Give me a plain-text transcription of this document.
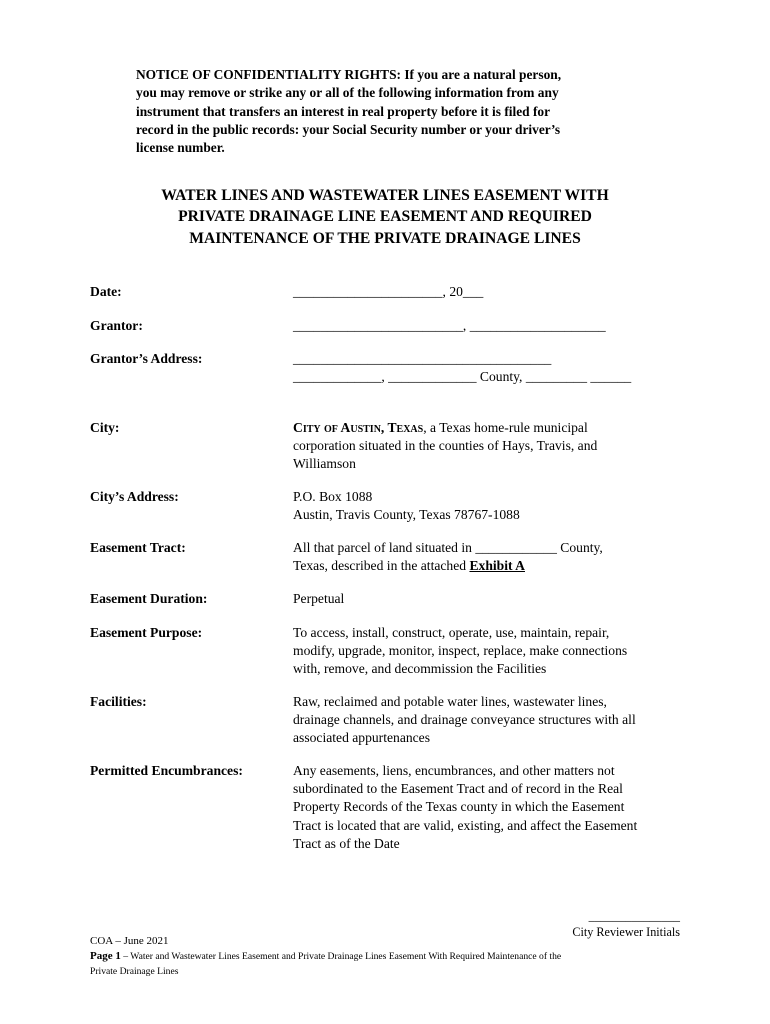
NOTICE OF CONFIDENTIALITY RIGHTS: If you are a natural person,
you may remove or strike any or all of the following information from any
instrument that transfers an interest in real property before it is filed for
record in the public records: your Social Security number or your driver’s
license number.
WATER LINES AND WASTEWATER LINES EASEMENT WITH
PRIVATE DRAINAGE LINE EASEMENT AND REQUIRED
MAINTENANCE OF THE PRIVATE DRAINAGE LINES
Date:	______________________, 20___
Grantor:	_________________________, ____________________
Grantor’s Address:	______________________________________
_____________, _____________ County, _________ ______
City:	City of Austin, Texas, a Texas home-rule municipal
corporation situated in the counties of Hays, Travis, and
Williamson
City’s Address:	P.O. Box 1088
Austin, Travis County, Texas 78767-1088
Easement Tract:	All that parcel of land situated in ____________ County,
Texas, described in the attached Exhibit A
Easement Duration:	Perpetual
Easement Purpose:	To access, install, construct, operate, use, maintain, repair,
modify, upgrade, monitor, inspect, replace, make connections
with, remove, and decommission the Facilities
Facilities:	Raw, reclaimed and potable water lines, wastewater lines,
drainage channels, and drainage conveyance structures with all
associated appurtenances
Permitted Encumbrances:	Any easements, liens, encumbrances, and other matters not
subordinated to the Easement Tract and of record in the Real
Property Records of the Texas county in which the Easement
Tract is located that are valid, existing, and affect the Easement
Tract as of the Date
_______________
City Reviewer Initials
COA – June 2021
Page 1 – Water and Wastewater Lines Easement and Private Drainage Lines Easement With Required Maintenance of the
Private Drainage Lines
